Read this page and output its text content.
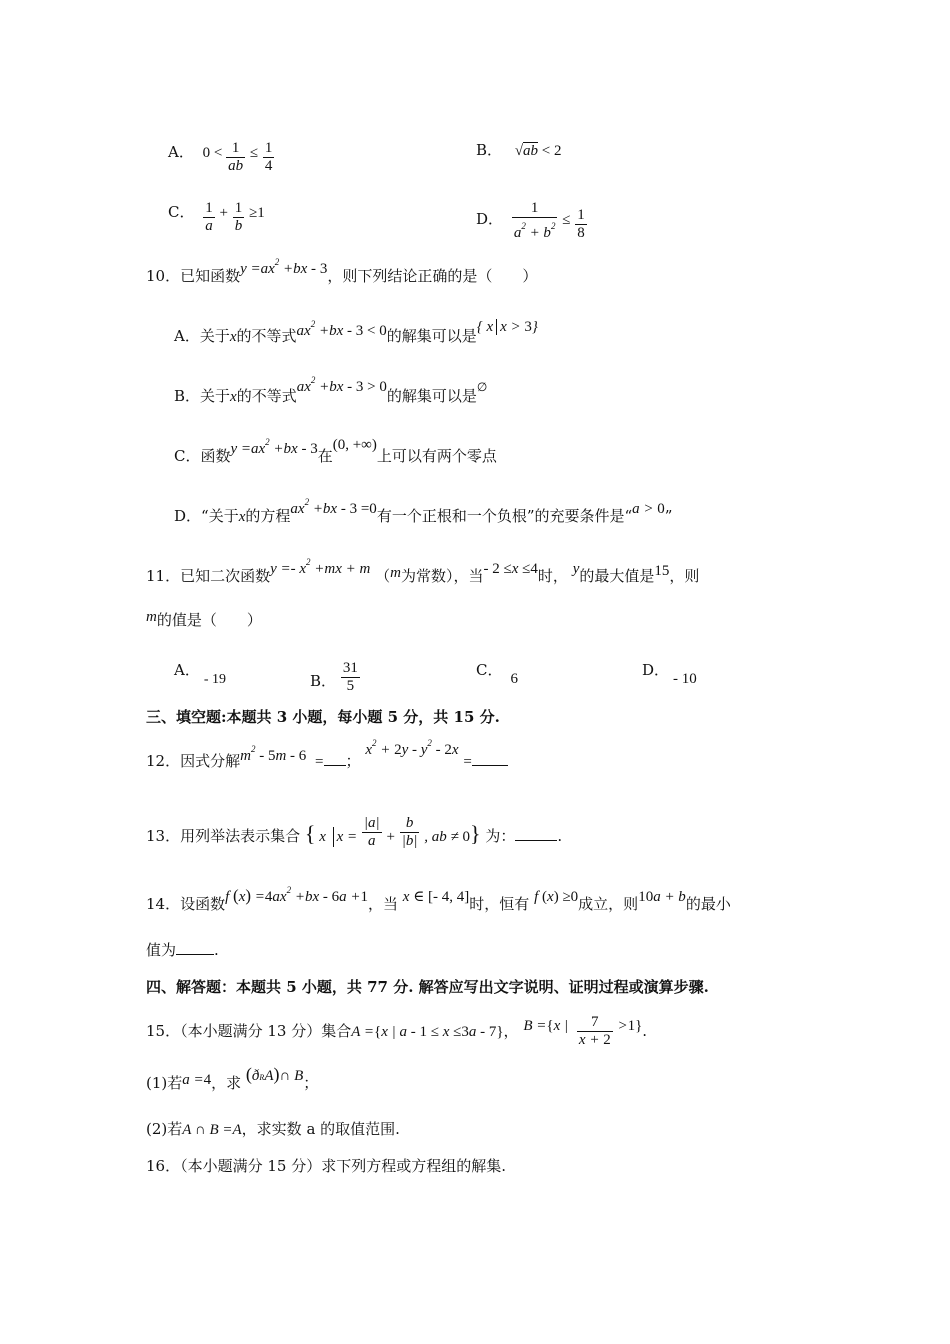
A． $0 < \frac{1}{ab} \le \frac{1}{4}$	B． √ab < 2
C． $\frac{1}{a} + \frac{1}{b} \ge 1$	D． $\frac{1}{a^2 + b^2} \le \frac{1}{8}$
10．已知函数$y =ax^2 +bx - 3$，则下列结论正确的是（　　）
A．关于x的不等式$ax^2 +bx - 3 < 0$的解集可以是{ x x > 3}
B．关于x的不等式$ax^2 +bx - 3 > 0$的解集可以是∅
C．函数$y =ax^2 +bx - 3$在(0, +∞)上可以有两个零点
D．“关于x的方程$ax^2 +bx - 3 =0$有一个正根和一个负根”的充要条件是“a > 0”
11．已知二次函数$y =- x^2 +mx + m$ （m为常数），当- 2 ≤x ≤4时， y的最大值是15，则
m的值是（　　）
A．- 19	B． $\frac{31}{5}$	C． 6	D． - 10
三、填空题:本题共 3 小题，每小题 5 分，共 15 分.
12．因式分解$m^2 - 5m - 6$ = ； $x^2 + 2y - y^2 - 2x$ =
13．用列举法表示集合 { x $x = \frac{|a|}{a} + \frac{b}{|b|}$ , ab ≠ 0} 为：	.
14．设函数f $(x) =4ax^2 +bx - 6a +1$，当 x ∈ [- 4, 4]时，恒有 f (x) ≥0成立，则10a + b的最小
值为	.
四、解答题：本题共 5 小题，共 77 分. 解答应写出文字说明、证明过程或演算步骤.
15．（本小题满分 13 分）集合A ={x | a - 1 ≤ x ≤3a - 7}， B ={x | $\frac{7}{x + 2} >1$}.
(1)若a =4，求 (ðRA)∩ B；
(2)若A ∩ B =A，求实数 a 的取值范围.
16．（本小题满分 15 分）求下列方程或方程组的解集.
